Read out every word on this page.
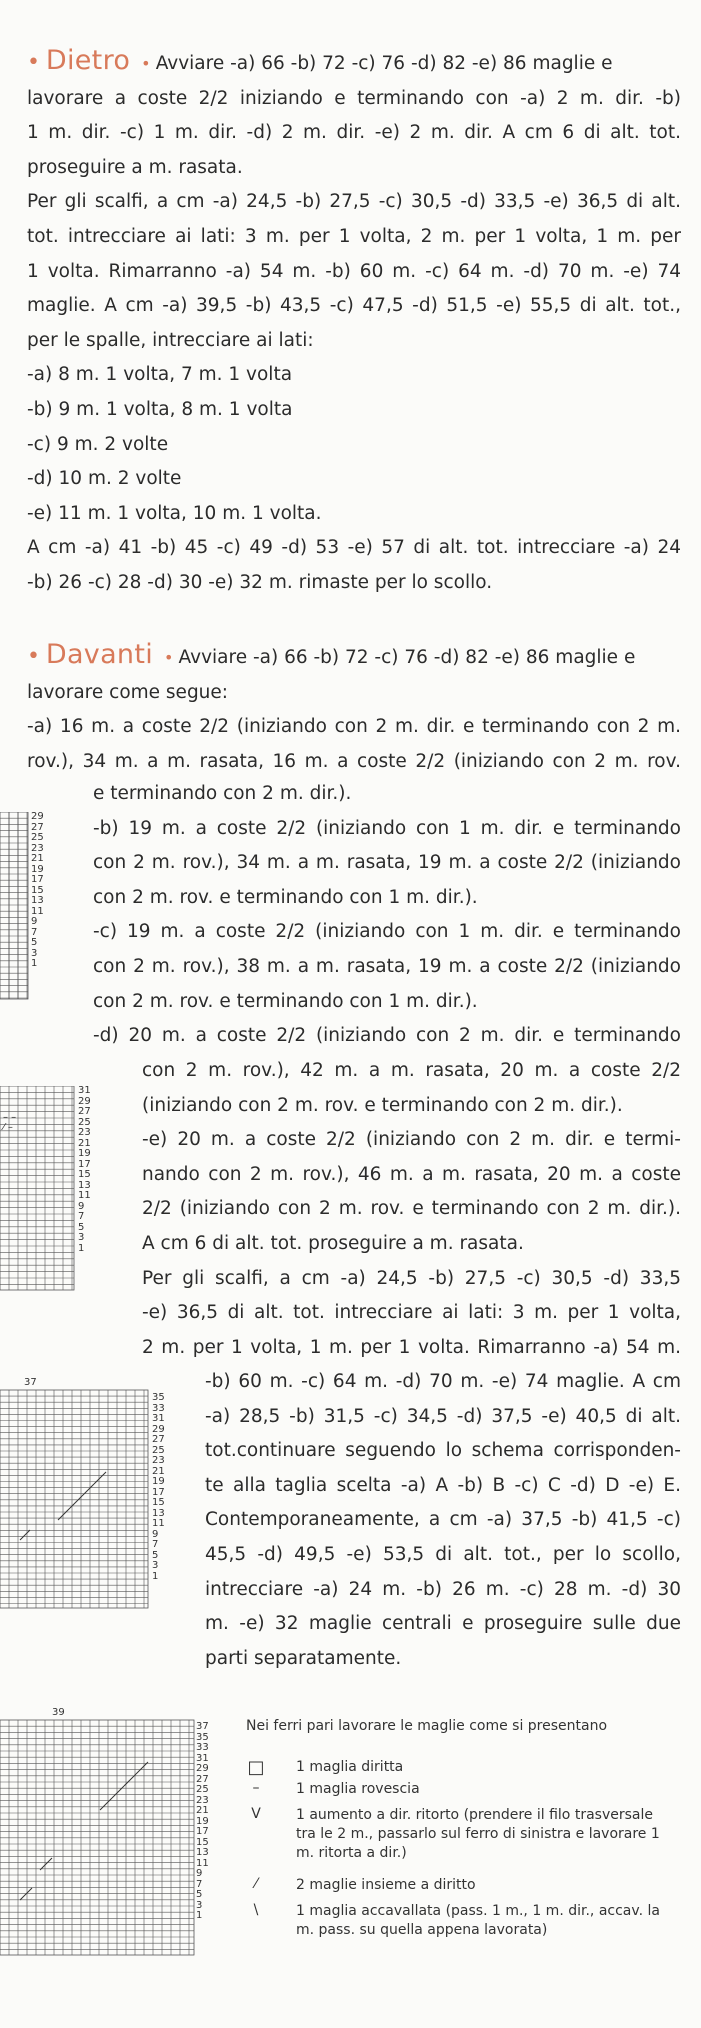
• Dietro  • Avviare -a) 66 -b) 72 -c) 76 -d) 82 -e) 86 maglie e
lavorare a coste 2/2 iniziando e terminando con -a) 2 m. dir. -b)
1 m. dir. -c) 1 m. dir. -d) 2 m. dir. -e) 2 m. dir. A cm 6 di alt. tot.
proseguire a m. rasata.
Per gli scalfi, a cm -a) 24,5 -b) 27,5 -c) 30,5 -d) 33,5 -e) 36,5 di alt.
tot. intrecciare ai lati: 3 m. per 1 volta, 2 m. per 1 volta, 1 m. per
1 volta. Rimarranno -a) 54 m. -b) 60 m. -c) 64 m. -d) 70 m. -e) 74
maglie. A cm -a) 39,5 -b) 43,5 -c) 47,5 -d) 51,5 -e) 55,5 di alt. tot.,
per le spalle, intrecciare ai lati:
-a) 8 m. 1 volta, 7 m. 1 volta
-b) 9 m. 1 volta, 8 m. 1 volta
-c) 9 m. 2 volte
-d) 10 m. 2 volte
-e) 11 m. 1 volta, 10 m. 1 volta.
A cm -a) 41 -b) 45 -c) 49 -d) 53 -e) 57 di alt. tot. intrecciare -a) 24
-b) 26 -c) 28 -d) 30 -e) 32 m. rimaste per lo scollo.
• Davanti  • Avviare -a) 66 -b) 72 -c) 76 -d) 82 -e) 86 maglie e
lavorare come segue:
-a) 16 m. a coste 2/2 (iniziando con 2 m. dir. e terminando con 2 m.
rov.), 34 m. a m. rasata, 16 m. a coste 2/2 (iniziando con 2 m. rov.
e terminando con 2 m. dir.).
-b) 19 m. a coste 2/2 (iniziando con 1 m. dir. e terminando
con 2 m. rov.), 34 m. a m. rasata, 19 m. a coste 2/2 (iniziando
con 2 m. rov. e terminando con 1 m. dir.).
-c) 19 m. a coste 2/2 (iniziando con 1 m. dir. e terminando
con 2 m. rov.), 38 m. a m. rasata, 19 m. a coste 2/2 (iniziando
con 2 m. rov. e terminando con 1 m. dir.).
-d) 20 m. a coste 2/2 (iniziando con 2 m. dir. e terminando
con 2 m. rov.), 42 m. a m. rasata, 20 m. a coste 2/2
(iniziando con 2 m. rov. e terminando con 2 m. dir.).
-e) 20 m. a coste 2/2 (iniziando con 2 m. dir. e termi-
nando con 2 m. rov.), 46 m. a m. rasata, 20 m. a coste
2/2 (iniziando con 2 m. rov. e terminando con 2 m. dir.).
A cm 6 di alt. tot. proseguire a m. rasata.
Per gli scalfi, a cm -a) 24,5 -b) 27,5 -c) 30,5 -d) 33,5
-e) 36,5 di alt. tot. intrecciare ai lati: 3 m. per 1 volta,
2 m. per 1 volta, 1 m. per 1 volta. Rimarranno -a) 54 m.
-b) 60 m. -c) 64 m. -d) 70 m. -e) 74 maglie. A cm
-a) 28,5 -b) 31,5 -c) 34,5 -d) 37,5 -e) 40,5 di alt.
tot.continuare seguendo lo schema corrisponden-
te alla taglia scelta -a) A -b) B -c) C -d) D -e) E.
Contemporaneamente, a cm -a) 37,5 -b) 41,5 -c)
45,5 -d) 49,5 -e) 53,5 di alt. tot., per lo scollo,
intrecciare -a) 24 m. -b) 26 m. -c) 28 m. -d) 30
m. -e) 32 maglie centrali e proseguire sulle due
parti separatamente.
29
27
25
23
21
19
17
15
13
11
9
7
5
3
1
– –
⁄ –
31
29
27
25
23
21
19
17
15
13
11
9
7
5
3
1
37
35
33
31
29
27
25
23
21
19
17
15
13
11
9
7
5
3
1
39
37
35
33
31
29
27
25
23
21
19
17
15
13
11
9
7
5
3
1
Nei ferri pari lavorare le maglie come si presentano
□ 1 maglia diritta
–	1 maglia rovescia
V	1 aumento a dir. ritorto (prendere il filo trasversale tra le 2 m., passarlo sul ferro di sinistra e lavorare 1 m. ritorta a dir.)
⁄	2 maglie insieme a diritto
\	1 maglia accavallata (pass. 1 m., 1 m. dir., accav. la m. pass. su quella appena lavorata)
